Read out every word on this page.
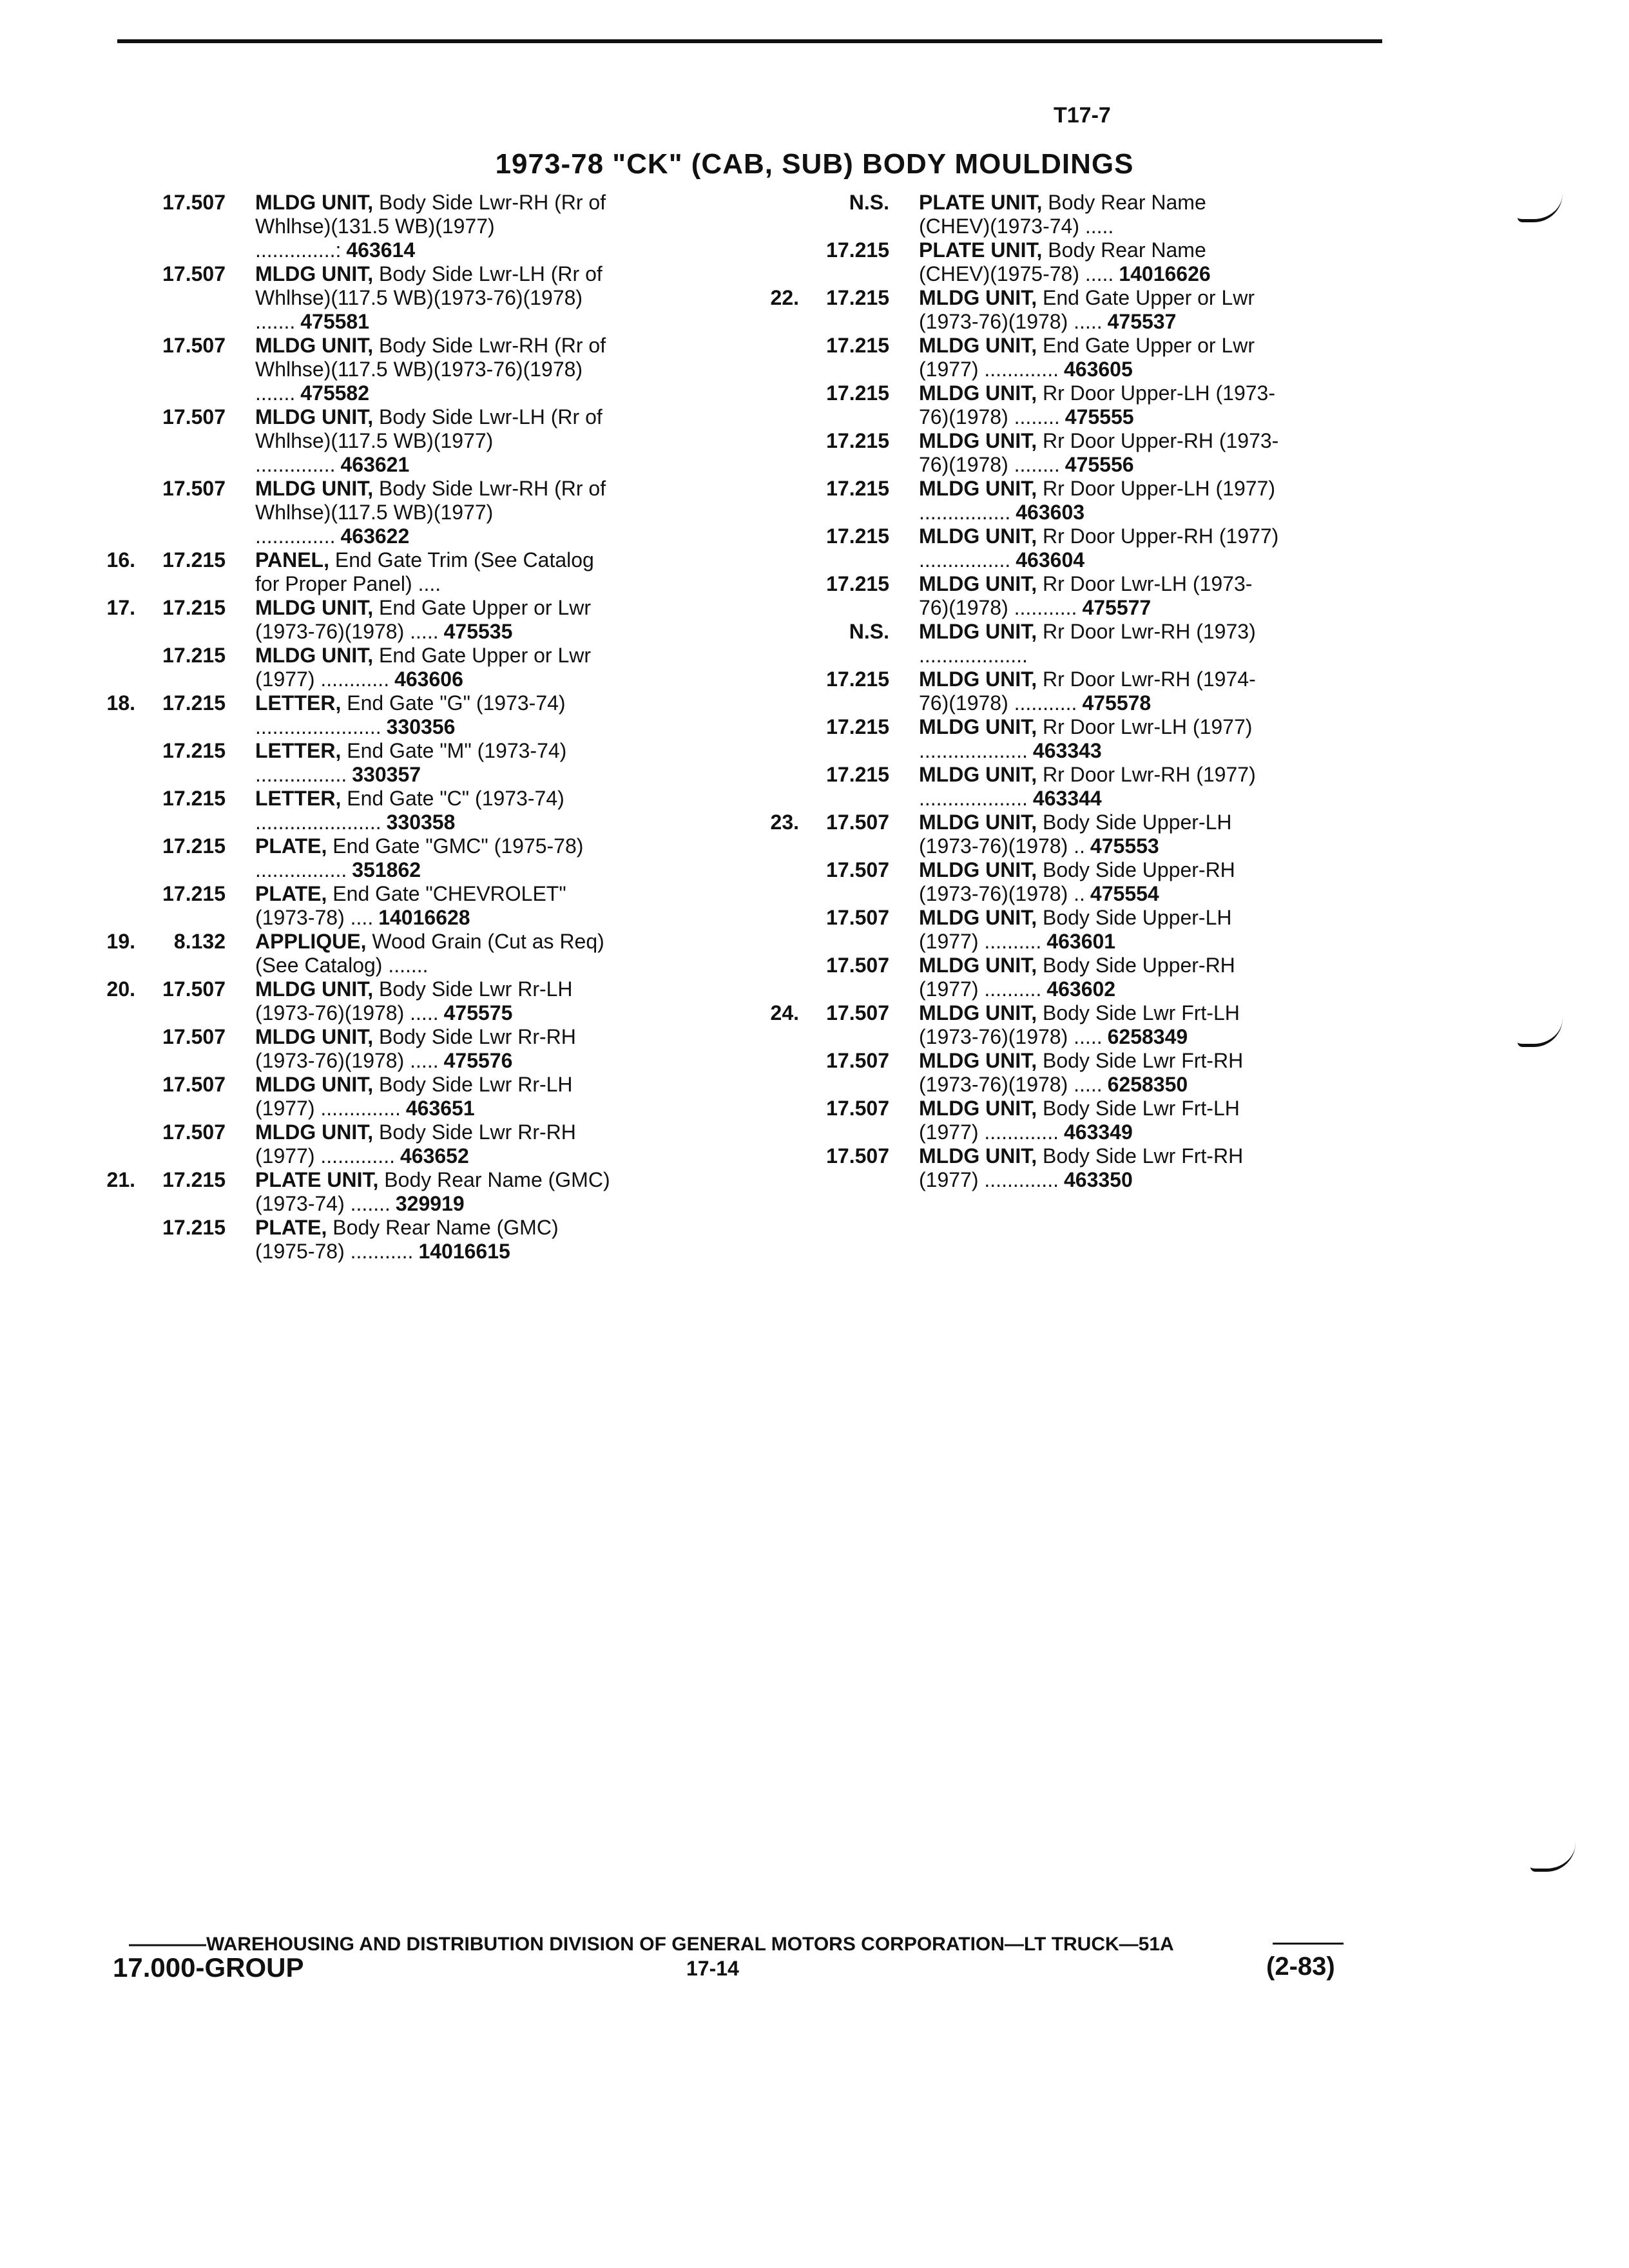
T17-7
1973-78 "CK" (CAB, SUB) BODY MOULDINGS
17.507 MLDG UNIT, Body Side Lwr-RH (Rr of Whlhse)(131.5 WB)(1977) ..............: 463614
17.507 MLDG UNIT, Body Side Lwr-LH (Rr of Whlhse)(117.5 WB)(1973-76)(1978) ....... 475581
17.507 MLDG UNIT, Body Side Lwr-RH (Rr of Whlhse)(117.5 WB)(1973-76)(1978) ....... 475582
17.507 MLDG UNIT, Body Side Lwr-LH (Rr of Whlhse)(117.5 WB)(1977) .............. 463621
17.507 MLDG UNIT, Body Side Lwr-RH (Rr of Whlhse)(117.5 WB)(1977) .............. 463622
16.	17.215 PANEL, End Gate Trim (See Catalog for Proper Panel) ....
17.	17.215 MLDG UNIT, End Gate Upper or Lwr (1973-76)(1978) ..... 475535
17.215 MLDG UNIT, End Gate Upper or Lwr (1977) ............ 463606
18.	17.215 LETTER, End Gate "G" (1973-74) ...................... 330356
17.215 LETTER, End Gate "M" (1973-74) ................ 330357
17.215 LETTER, End Gate "C" (1973-74) ...................... 330358
17.215 PLATE, End Gate "GMC" (1975-78) ................ 351862
17.215 PLATE, End Gate "CHEVROLET" (1973-78) .... 14016628
19.	8.132 APPLIQUE, Wood Grain (Cut as Req)(See Catalog) .......
20.	17.507 MLDG UNIT, Body Side Lwr Rr-LH (1973-76)(1978) ..... 475575
17.507 MLDG UNIT, Body Side Lwr Rr-RH (1973-76)(1978) ..... 475576
17.507 MLDG UNIT, Body Side Lwr Rr-LH (1977) .............. 463651
17.507 MLDG UNIT, Body Side Lwr Rr-RH (1977) ............. 463652
21.	17.215 PLATE UNIT, Body Rear Name (GMC)(1973-74) ....... 329919
17.215 PLATE, Body Rear Name (GMC)(1975-78) ........... 14016615
N.S. PLATE UNIT, Body Rear Name (CHEV)(1973-74) .....
17.215 PLATE UNIT, Body Rear Name (CHEV)(1975-78) ..... 14016626
22.	17.215 MLDG UNIT, End Gate Upper or Lwr (1973-76)(1978) ..... 475537
17.215 MLDG UNIT, End Gate Upper or Lwr (1977) ............. 463605
17.215 MLDG UNIT, Rr Door Upper-LH (1973-76)(1978) ........ 475555
17.215 MLDG UNIT, Rr Door Upper-RH (1973-76)(1978) ........ 475556
17.215 MLDG UNIT, Rr Door Upper-LH (1977) ................ 463603
17.215 MLDG UNIT, Rr Door Upper-RH (1977) ................ 463604
17.215 MLDG UNIT, Rr Door Lwr-LH (1973-76)(1978) ........... 475577
N.S. MLDG UNIT, Rr Door Lwr-RH (1973) ...................
17.215 MLDG UNIT, Rr Door Lwr-RH (1974-76)(1978) ........... 475578
17.215 MLDG UNIT, Rr Door Lwr-LH (1977) ................... 463343
17.215 MLDG UNIT, Rr Door Lwr-RH (1977) ................... 463344
23.	17.507 MLDG UNIT, Body Side Upper-LH (1973-76)(1978) .. 475553
17.507 MLDG UNIT, Body Side Upper-RH (1973-76)(1978) .. 475554
17.507 MLDG UNIT, Body Side Upper-LH (1977) .......... 463601
17.507 MLDG UNIT, Body Side Upper-RH (1977) .......... 463602
24.	17.507 MLDG UNIT, Body Side Lwr Frt-LH (1973-76)(1978) ..... 6258349
17.507 MLDG UNIT, Body Side Lwr Frt-RH (1973-76)(1978) ..... 6258350
17.507 MLDG UNIT, Body Side Lwr Frt-LH (1977) ............. 463349
17.507 MLDG UNIT, Body Side Lwr Frt-RH (1977) ............. 463350
————WAREHOUSING AND DISTRIBUTION DIVISION OF GENERAL MOTORS CORPORATION—LT TRUCK—51A
17.000-GROUP	17-14	(2-83)
